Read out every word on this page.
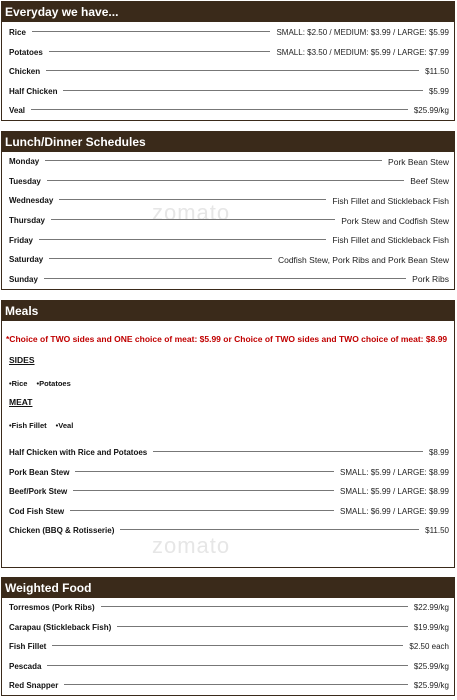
Everyday we have...
Rice	SMALL: $2.50 / MEDIUM: $3.99 / LARGE: $5.99
Potatoes	SMALL: $3.50 / MEDIUM: $5.99 / LARGE: $7.99
Chicken	$11.50
Half Chicken	$5.99
Veal	$25.99/kg
Lunch/Dinner Schedules
zomato
Monday	Pork Bean Stew
Tuesday	Beef Stew
Wednesday	Fish Fillet and Stickleback Fish
Thursday	Pork Stew and Codfish Stew
Friday	Fish Fillet and Stickleback Fish
Saturday	Codfish Stew, Pork Ribs and Pork Bean Stew
Sunday	Pork Ribs
Meals
zomato
*Choice of TWO sides and ONE choice of meat: $5.99 or Choice of TWO sides and TWO choice of meat: $8.99
SIDES
•Rice •Potatoes
MEAT
•Fish Fillet •Veal
Half Chicken with Rice and Potatoes	$8.99
Pork Bean Stew	SMALL: $5.99 / LARGE: $8.99
Beef/Pork Stew	SMALL: $5.99 / LARGE: $8.99
Cod Fish Stew	SMALL: $6.99 / LARGE: $9.99
Chicken (BBQ & Rotisserie)	$11.50
Weighted Food
Torresmos (Pork Ribs)	$22.99/kg
Carapau (Stickleback Fish)	$19.99/kg
Fish Fillet	$2.50 each
Pescada	$25.99/kg
Red Snapper	$25.99/kg
